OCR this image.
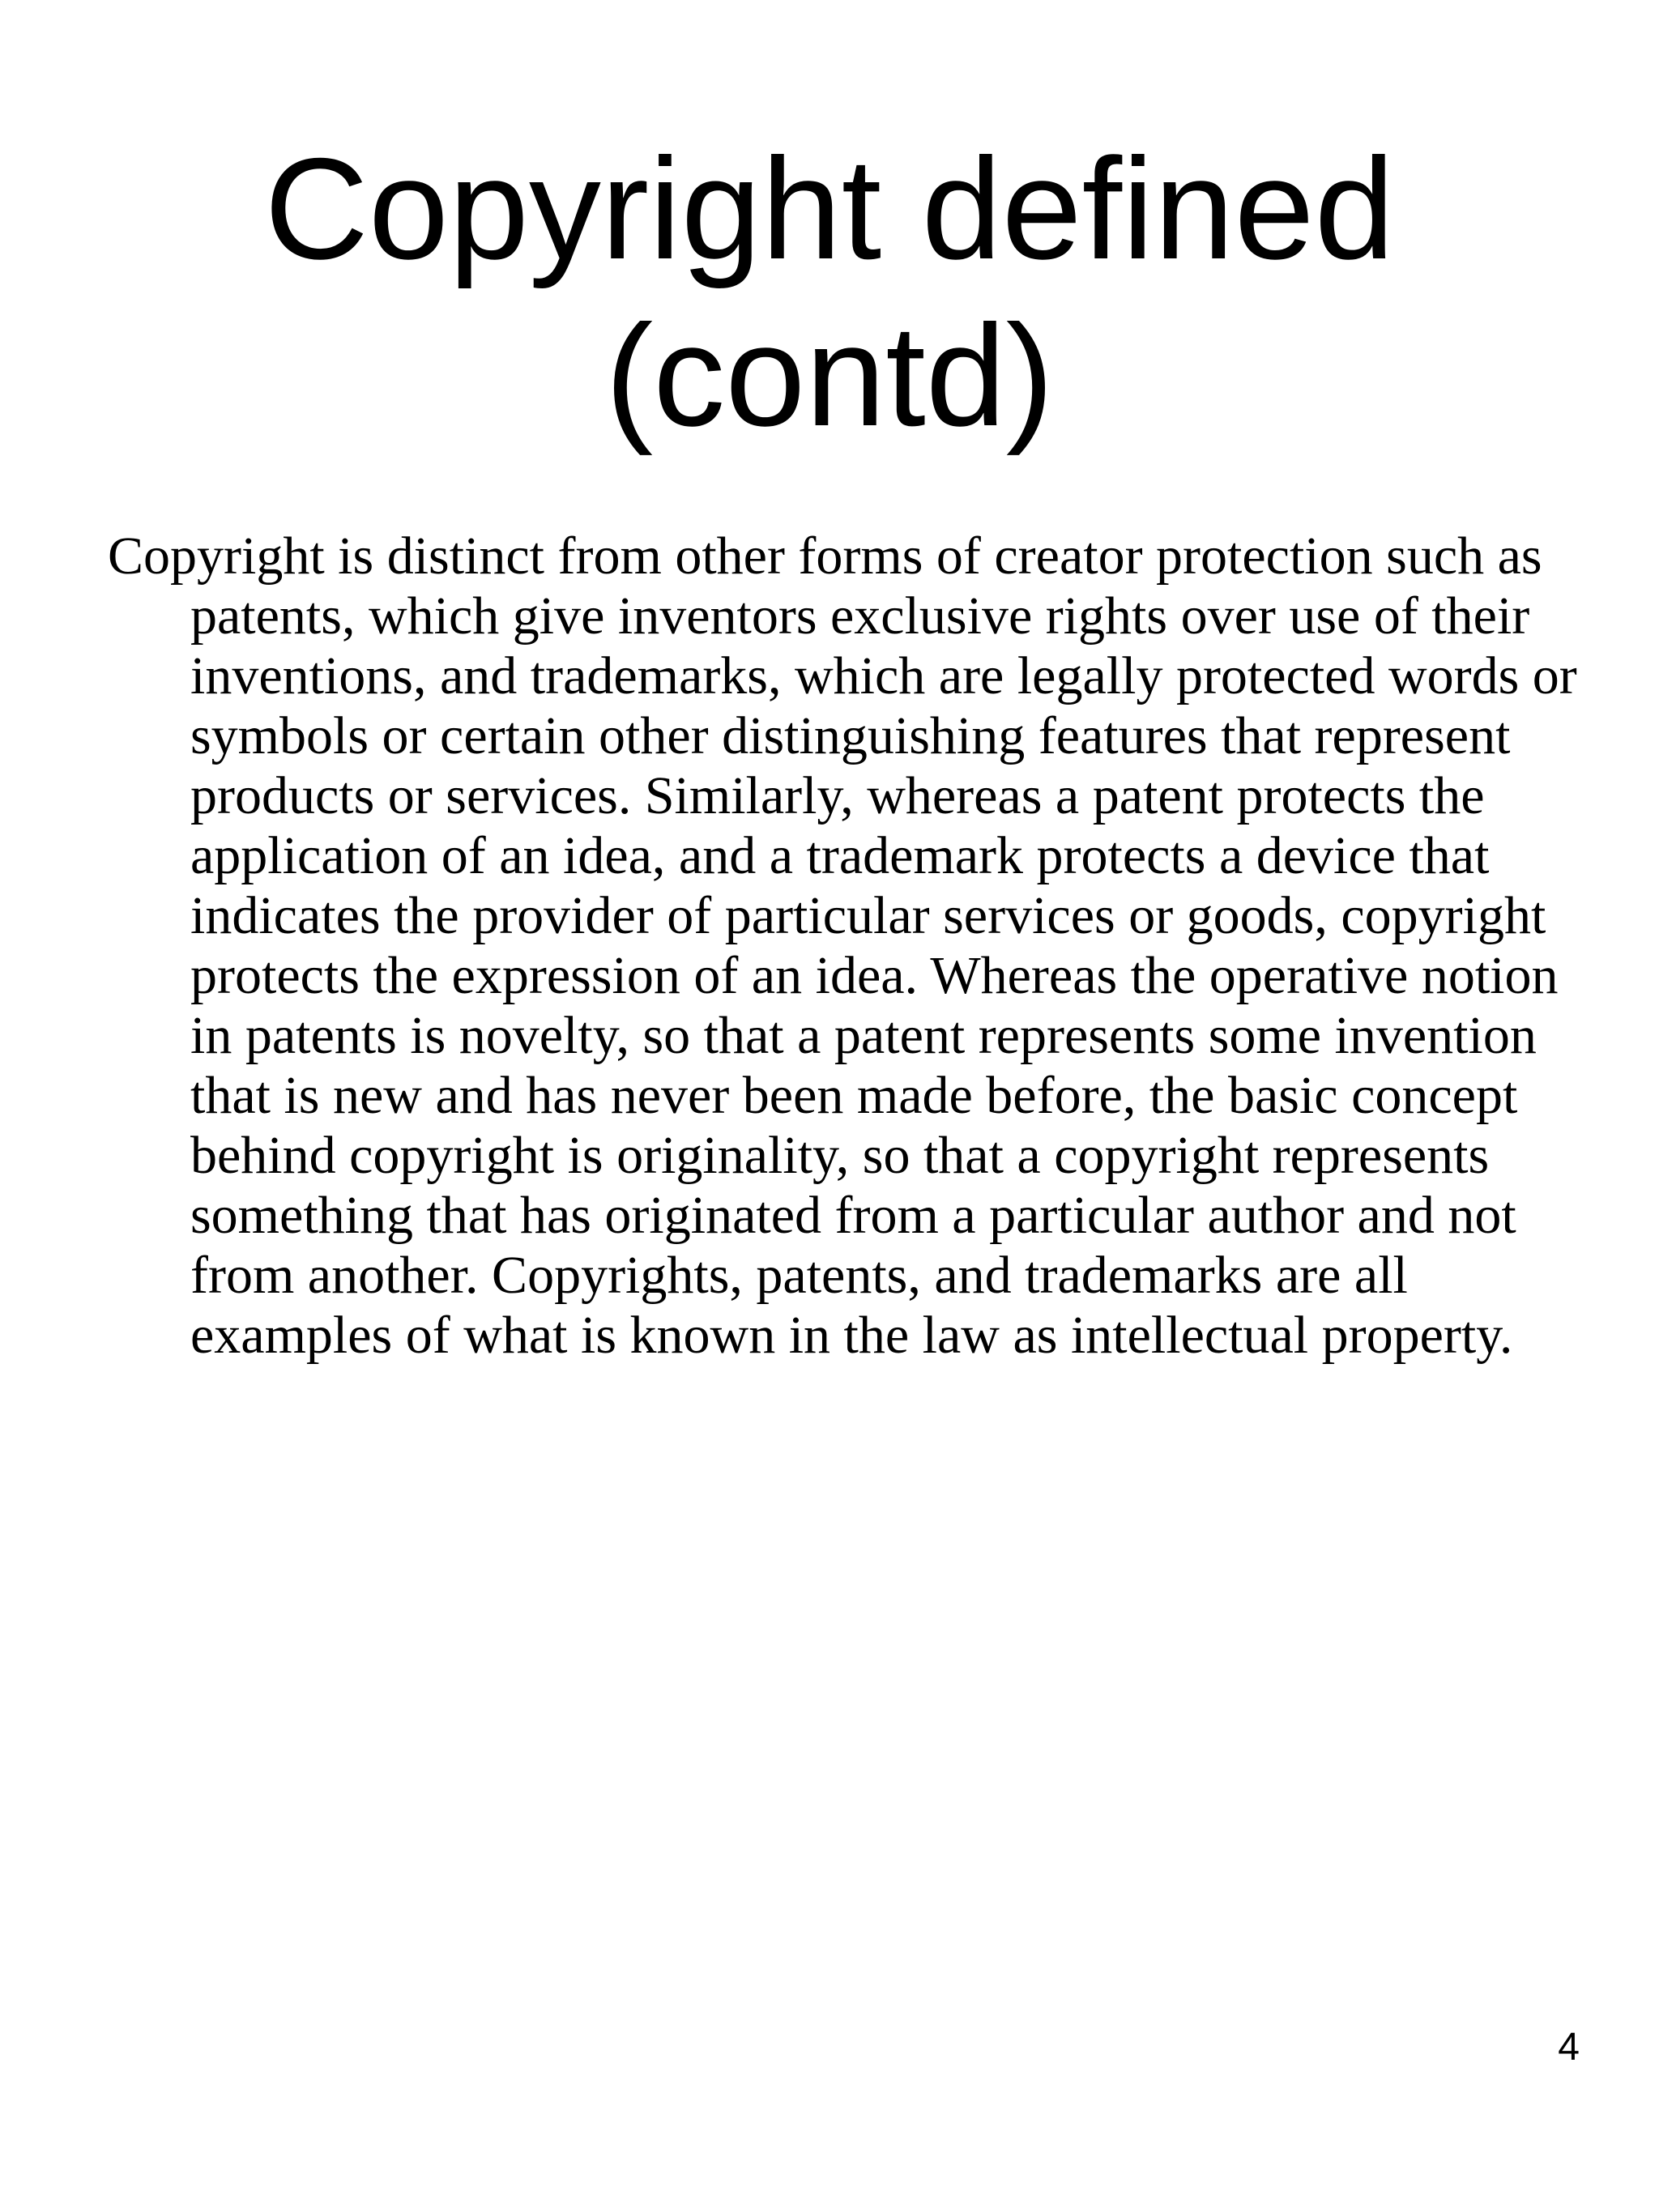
Copyright defined
(contd)

Copyright is distinct from other forms of creator protection such as patents, which give inventors exclusive rights over use of their inventions, and trademarks, which are legally protected words or symbols or certain other distinguishing features that represent products or services. Similarly, whereas a patent protects the application of an idea, and a trademark protects a device that indicates the provider of particular services or goods, copyright protects the expression of an idea. Whereas the operative notion in patents is novelty, so that a patent represents some invention that is new and has never been made before, the basic concept behind copyright is originality, so that a copyright represents something that has originated from a particular author and not from another. Copyrights, patents, and trademarks are all examples of what is known in the law as intellectual property.

4
